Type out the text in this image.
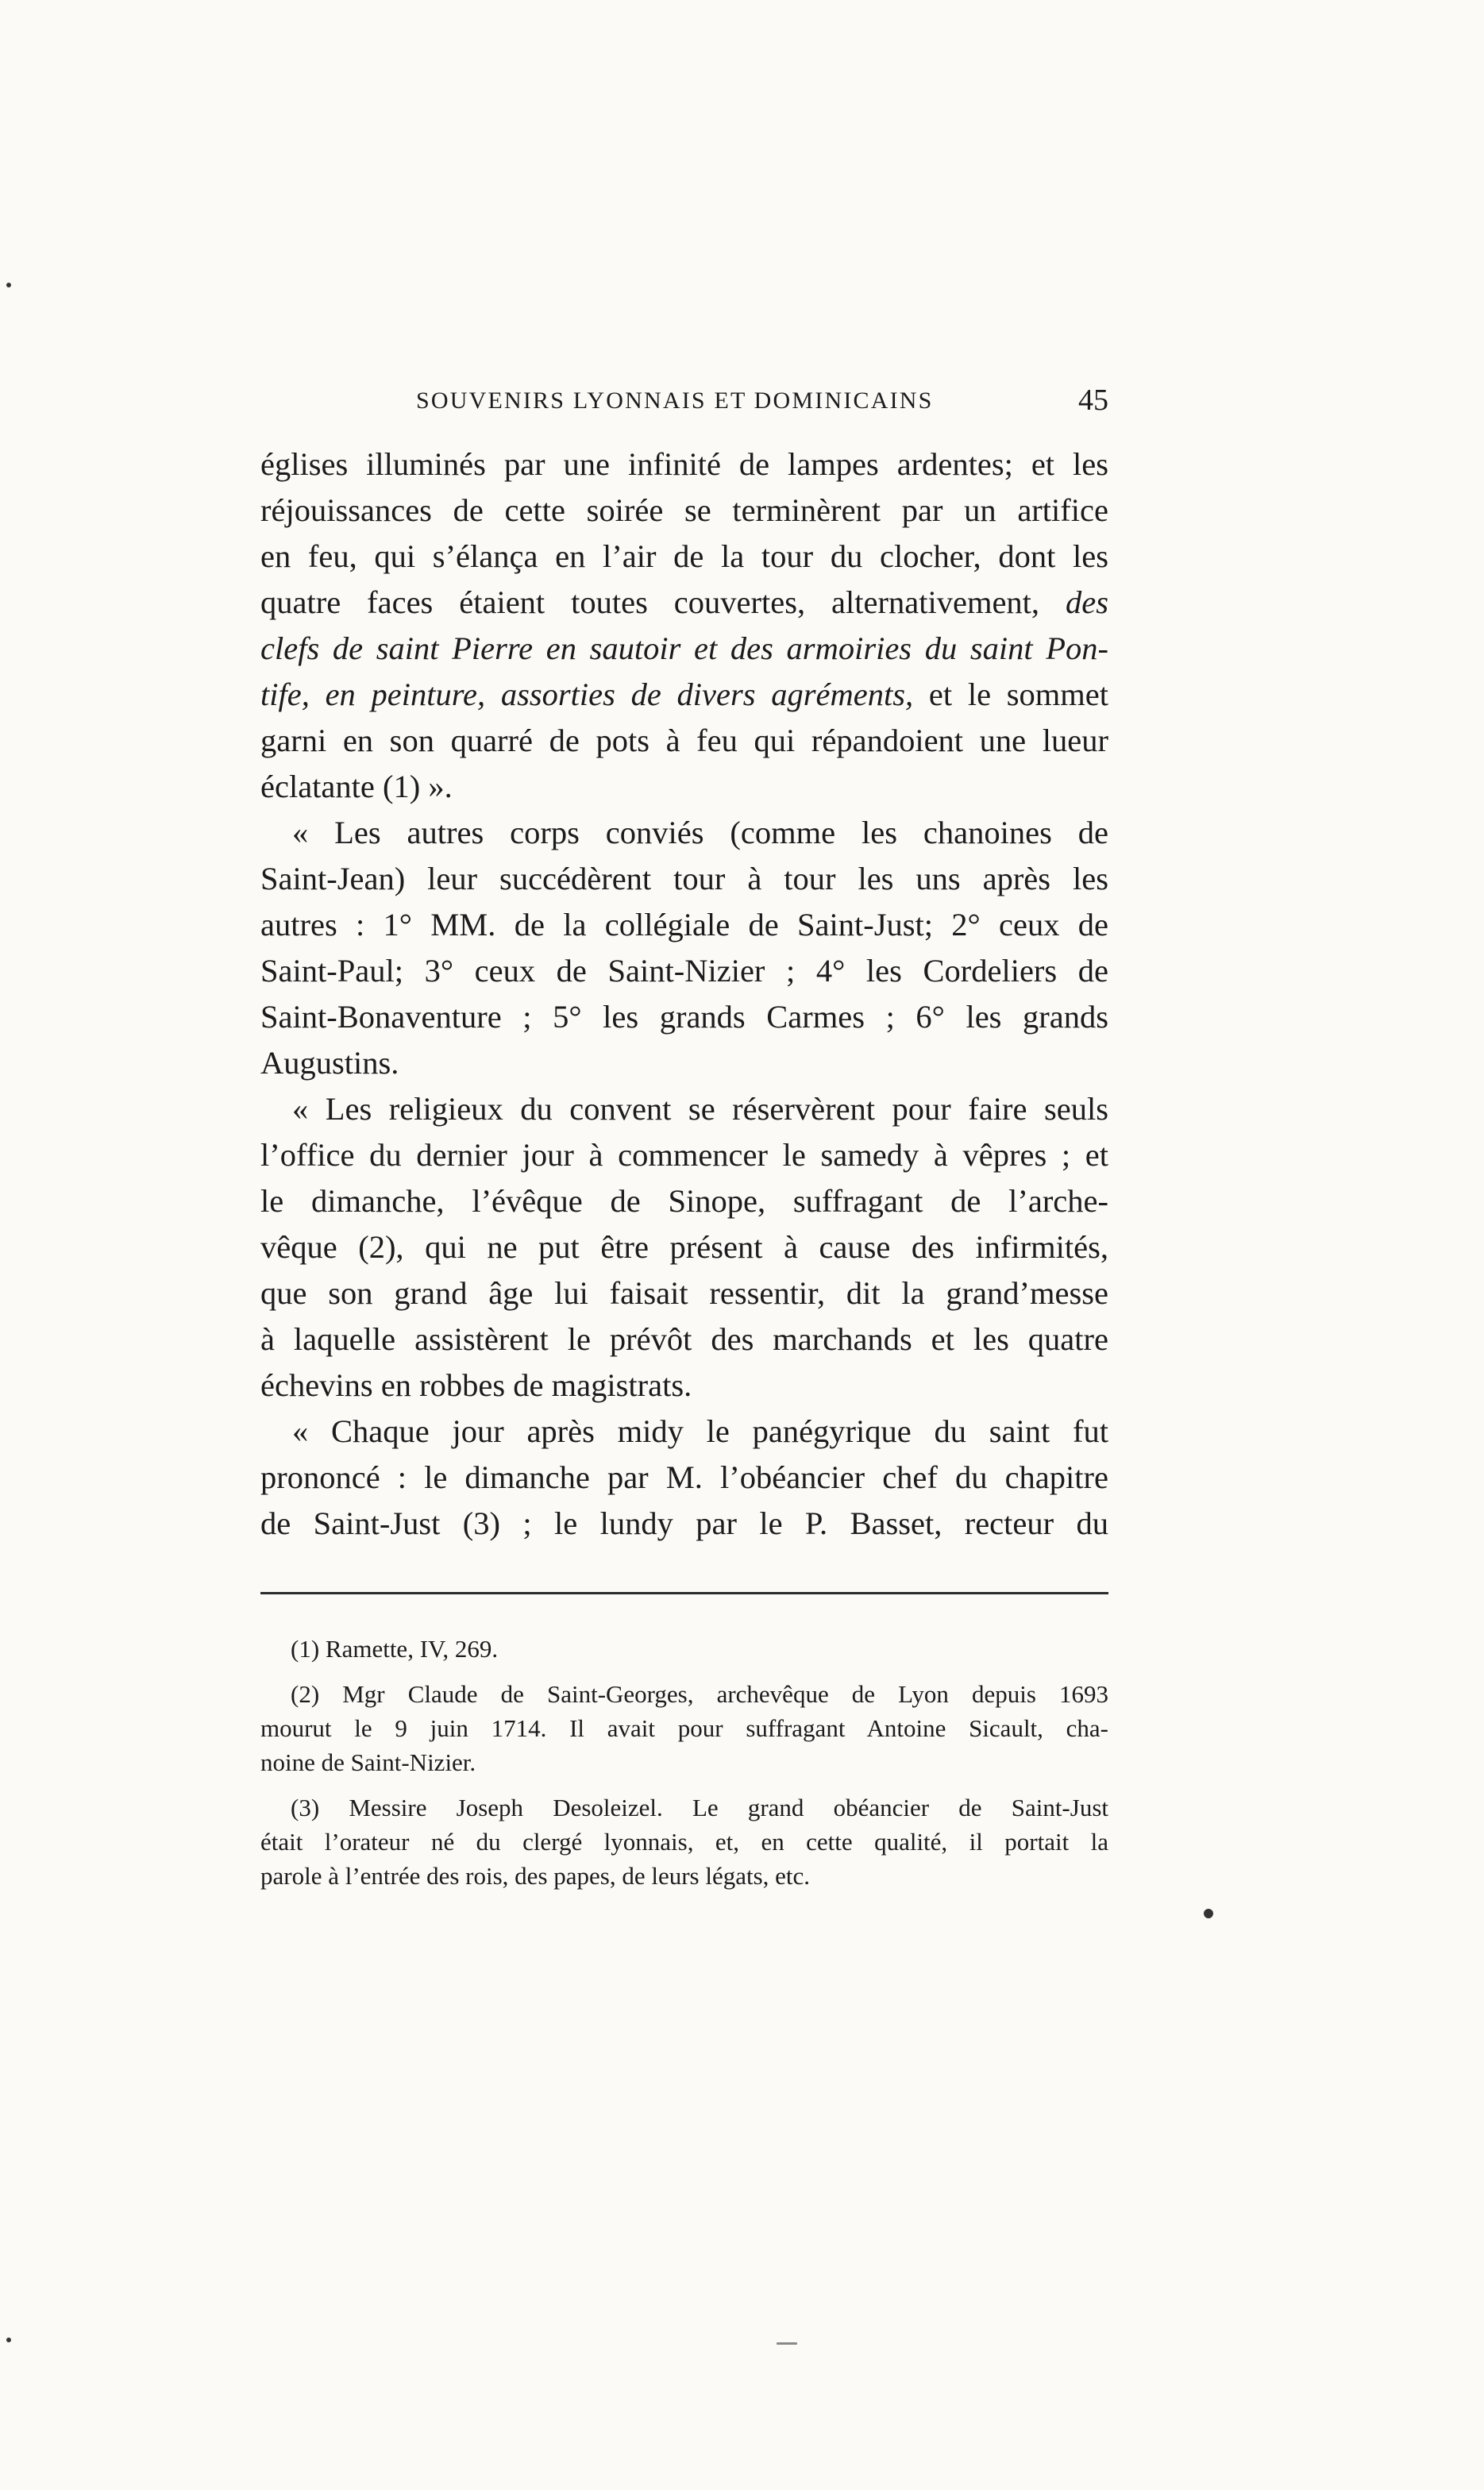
SOUVENIRS LYONNAIS ET DOMINICAINS	45
églises illuminés par une infinité de lampes ardentes; et les
réjouissances de cette soirée se terminèrent par un artifice
en feu, qui s’élança en l’air de la tour du clocher, dont les
quatre faces étaient toutes couvertes, alternativement, des
clefs de saint Pierre en sautoir et des armoiries du saint Pon-
tife, en peinture, assorties de divers agréments, et le sommet
garni en son quarré de pots à feu qui répandoient une lueur
éclatante (1) ».
« Les autres corps conviés (comme les chanoines de
Saint-Jean) leur succédèrent tour à tour les uns après les
autres : 1° MM. de la collégiale de Saint-Just; 2° ceux de
Saint-Paul; 3° ceux de Saint-Nizier ; 4° les Cordeliers de
Saint-Bonaventure ; 5° les grands Carmes ; 6° les grands
Augustins.
« Les religieux du convent se réservèrent pour faire seuls
l’office du dernier jour à commencer le samedy à vêpres ; et
le dimanche, l’évêque de Sinope, suffragant de l’arche-
vêque (2), qui ne put être présent à cause des infirmités,
que son grand âge lui faisait ressentir, dit la grand’messe
à laquelle assistèrent le prévôt des marchands et les quatre
échevins en robbes de magistrats.
« Chaque jour après midy le panégyrique du saint fut
prononcé : le dimanche par M. l’obéancier chef du chapitre
de Saint-Just (3) ; le lundy par le P. Basset, recteur du
(1) Ramette, IV, 269.
(2) Mgr Claude de Saint-Georges, archevêque de Lyon depuis 1693
mourut le 9 juin 1714. Il avait pour suffragant Antoine Sicault, cha-
noine de Saint-Nizier.
(3) Messire Joseph Desoleizel. Le grand obéancier de Saint-Just
était l’orateur né du clergé lyonnais, et, en cette qualité, il portait la
parole à l’entrée des rois, des papes, de leurs légats, etc.
